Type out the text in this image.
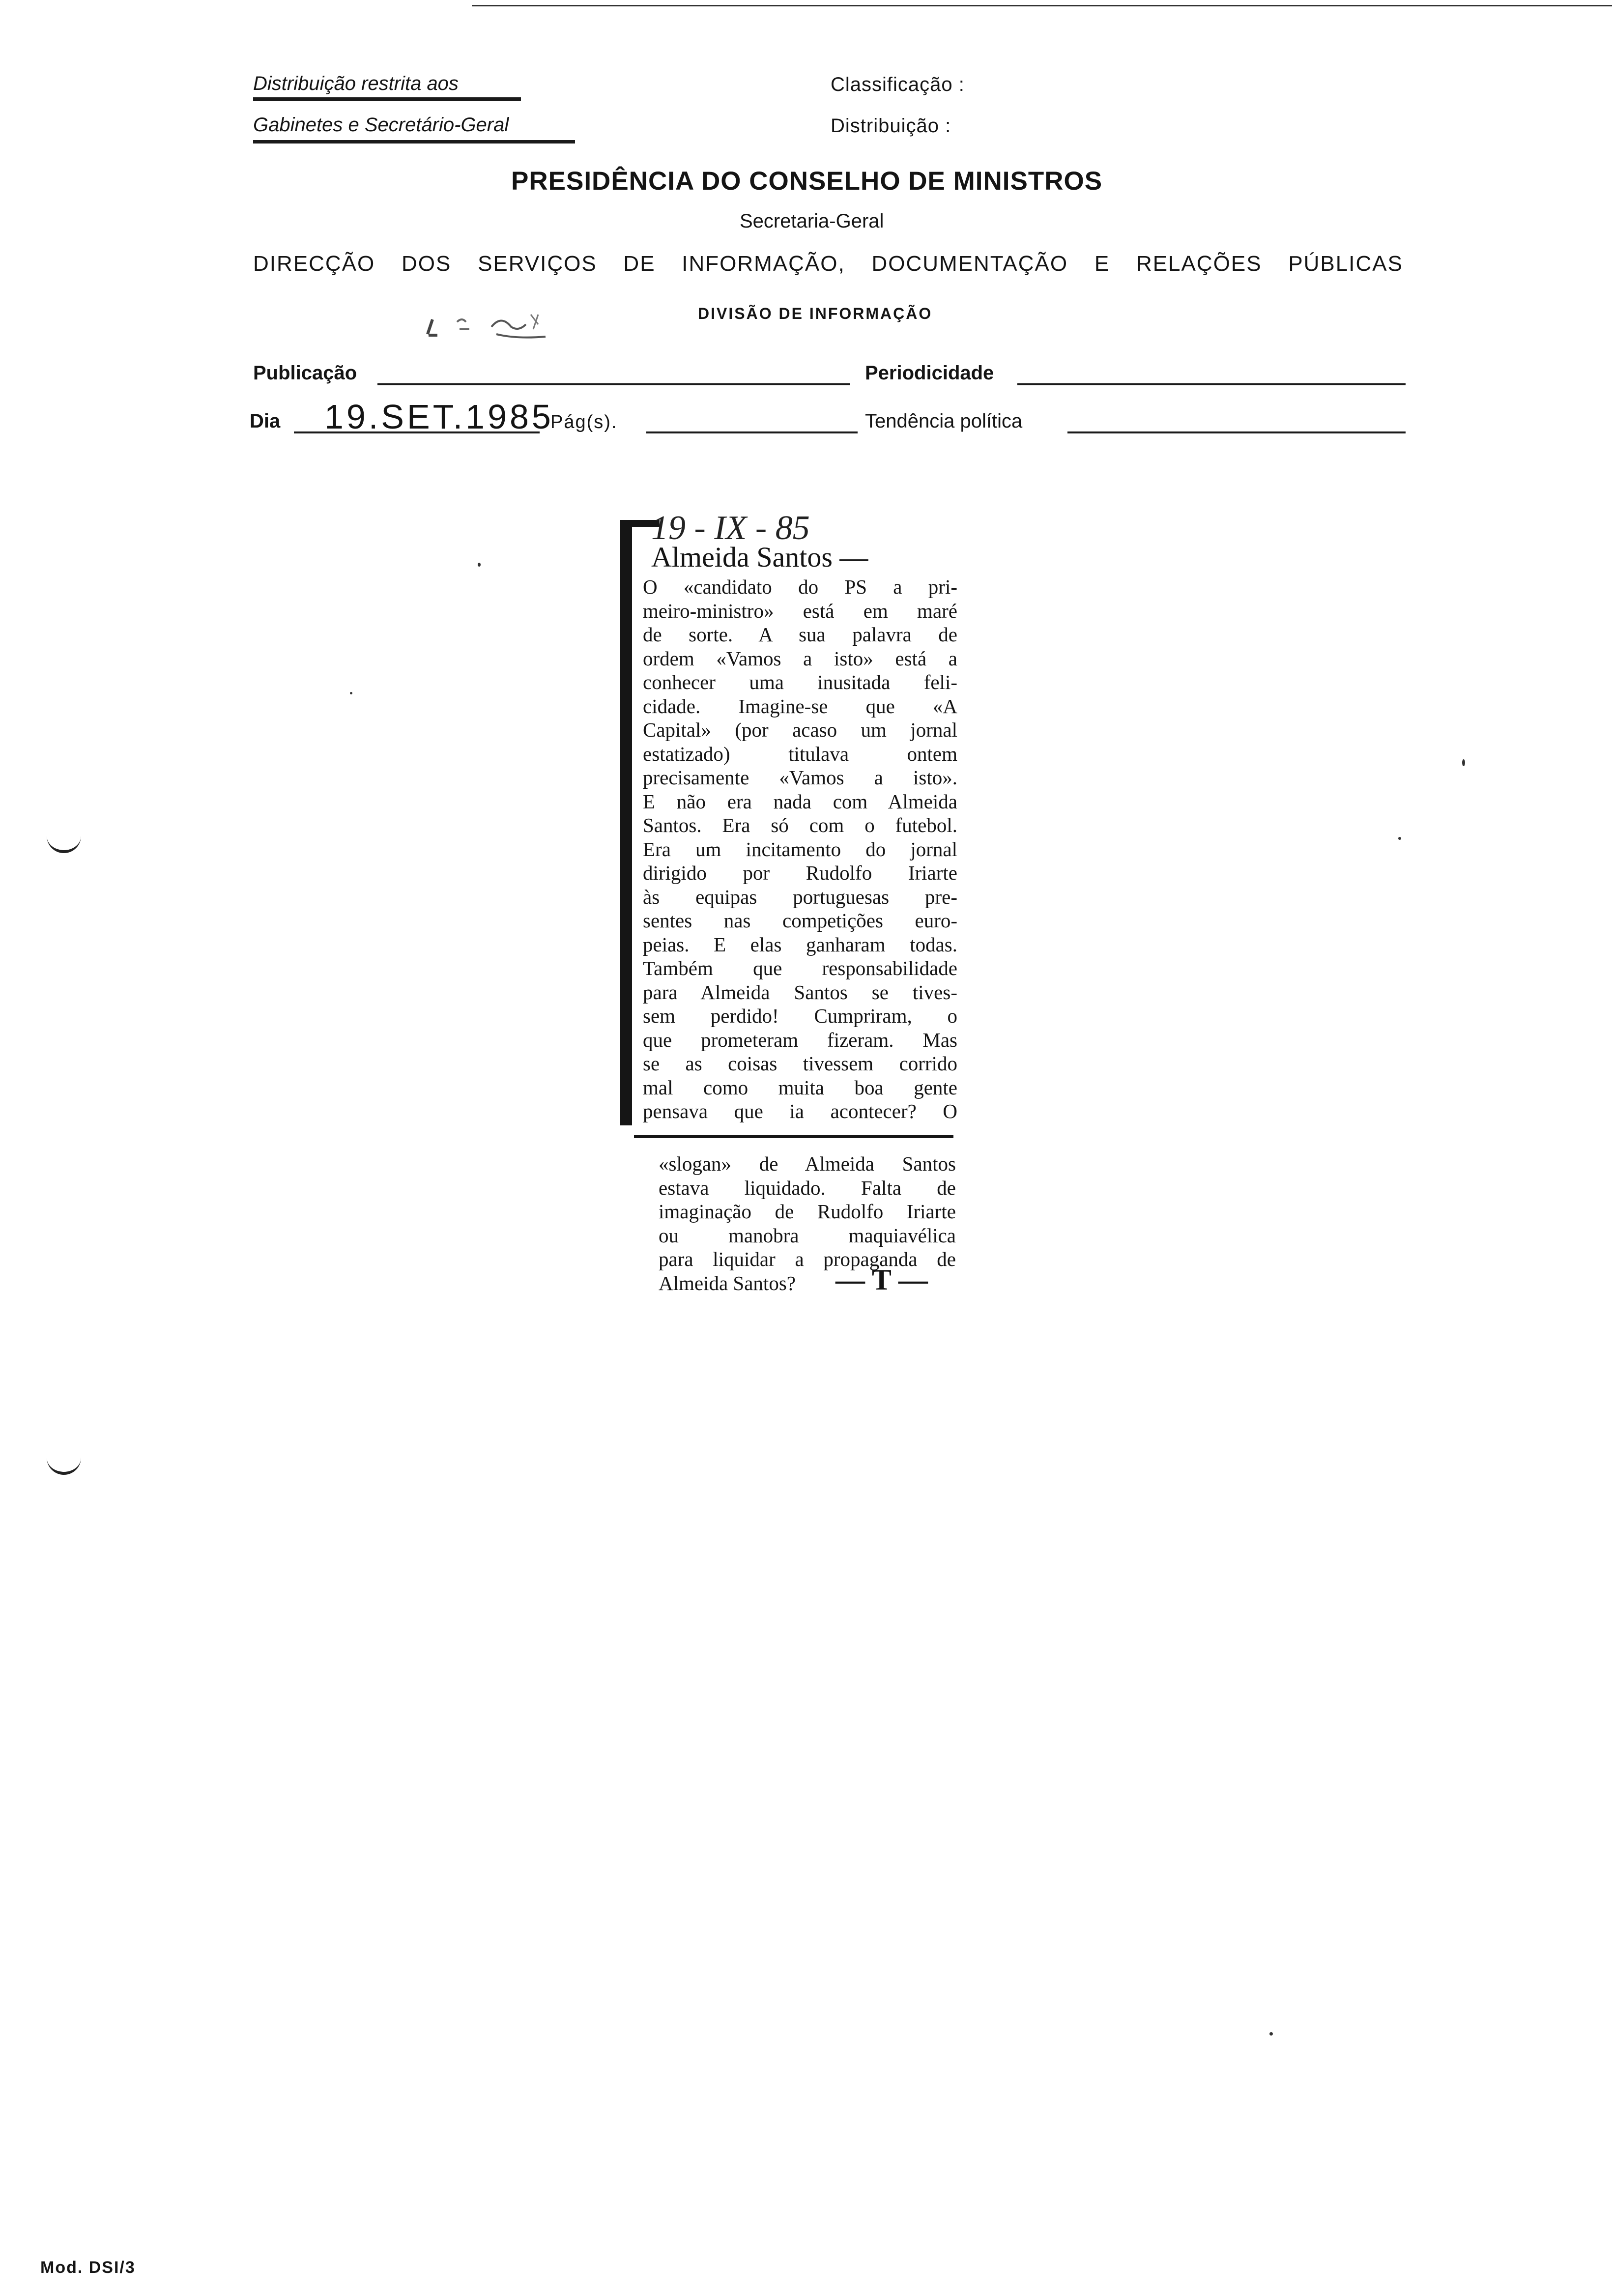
Distribuição restrita aos
Gabinetes e Secretário-Geral
Classificação :
Distribuição :
PRESIDÊNCIA DO CONSELHO DE MINISTROS
Secretaria-Geral
DIRECÇÃO DOS SERVIÇOS DE INFORMAÇÃO, DOCUMENTAÇÃO E RELAÇÕES PÚBLICAS
DIVISÃO DE INFORMAÇÃO
Publicação	Periodicidade
Dia 19.SET.1985
Pág(s).	Tendência política
19 - IX - 85
Almeida Santos —
O «candidato do PS a pri-
meiro-ministro» está em maré
de sorte. A sua palavra de
ordem «Vamos a isto» está a
conhecer uma inusitada feli-
cidade. Imagine-se que «A
Capital» (por acaso um jornal
estatizado) titulava ontem
precisamente «Vamos a isto».
E não era nada com Almeida
Santos. Era só com o futebol.
Era um incitamento do jornal
dirigido por Rudolfo Iriarte
às equipas portuguesas pre-
sentes nas competições euro-
peias. E elas ganharam todas.
Também que responsabilidade
para Almeida Santos se tives-
sem perdido! Cumpriram, o
que prometeram fizeram. Mas
se as coisas tivessem corrido
mal como muita boa gente
pensava que ia acontecer? O
«slogan» de Almeida Santos
estava liquidado. Falta de
imaginação de Rudolfo Iriarte
ou manobra maquiavélica
para liquidar a propaganda de
Almeida Santos?	— T —
Mod. DSI/3
